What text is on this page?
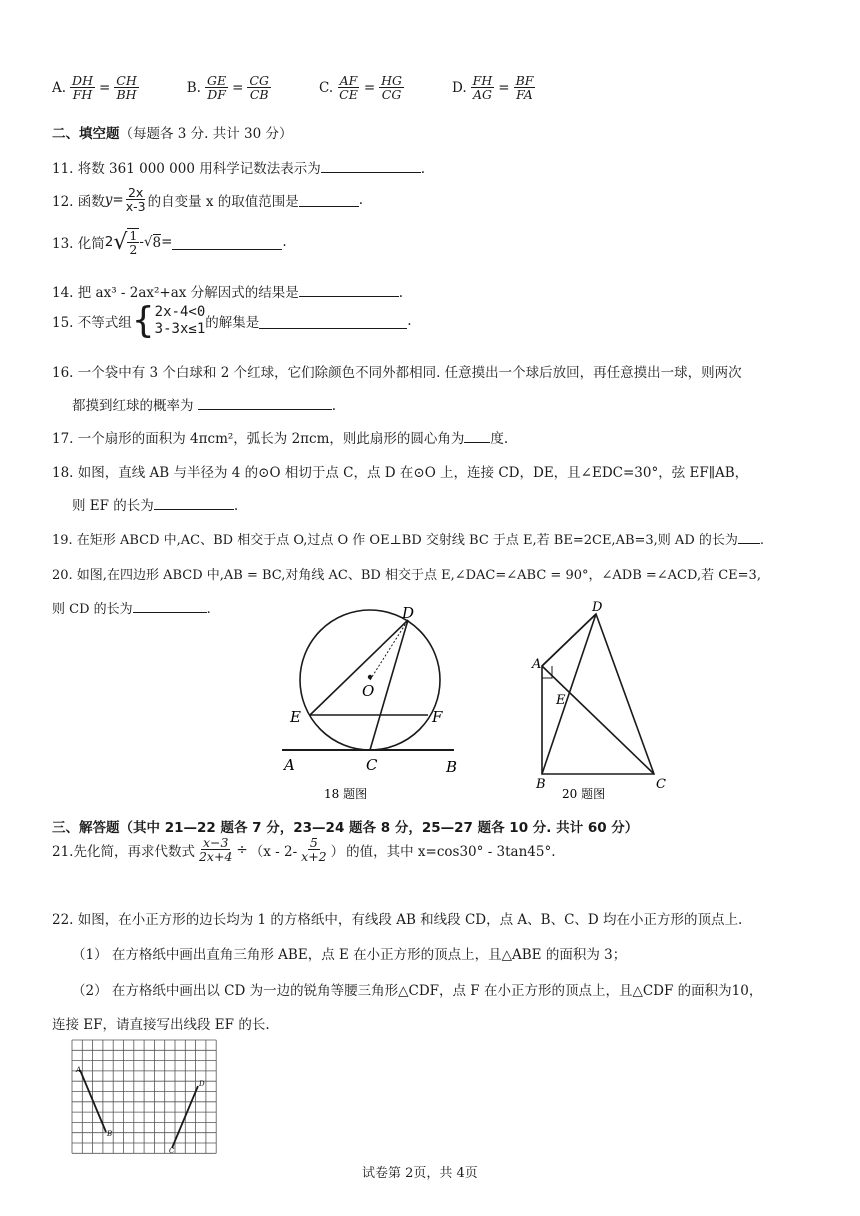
A. $\frac{DH}{FH} = \frac{CH}{BH}$	B. $\frac{GE}{DF} = \frac{CG}{CB}$	C. $\frac{AF}{CE} = \frac{HG}{CG}$	D. $\frac{FH}{AG} = \frac{BF}{FA}$
二、填空题（每题各 3 分. 共计 30 分）
11. 将数 361 000 000 用科学记数法表示为	.
12. 函数 $y= \frac{2x}{x-3}$ 的自变量 x 的取值范围是	.
13. 化简 2 √ $\frac{1}{2}$ - √ 8 =	.
14. 把 ax³ - 2ax²+ax 分解因式的结果是	.
15. 不等式组 { 2x-4<0
3-3x≤1 的解集是	.
16. 一个袋中有 3 个白球和 2 个红球，它们除颜色不同外都相同. 任意摸出一个球后放回，再任意摸出一球，则两次
都摸到红球的概率为	.
17. 一个扇形的面积为 4πcm²，弧长为 2πcm，则此扇形的圆心角为 度.
18. 如图，直线 AB 与半径为 4 的⊙O 相切于点 C，点 D 在⊙O 上，连接 CD，DE，且∠EDC=30°，弦 EF∥AB，
则 EF 的长为	.
19. 在矩形 ABCD 中,AC、BD 相交于点 O,过点 O 作 OE⊥BD 交射线 BC 于点 E,若 BE=2CE,AB=3,则 AD 的长为 .
20. 如图,在四边形 ABCD 中,AB = BC,对角线 AC、BD 相交于点 E,∠DAC=∠ABC = 90°，∠ADB =∠ACD,若 CE=3,
则 CD 的长为	.	D
O
E	F
A	C	B
18 题图
D
A
E
B	C
20 题图
三、解答题（其中 21—22 题各 7 分，23—24 题各 8 分，25—27 题各 10 分. 共计 60 分）
21.先化简，再求代数式 $\frac{x-3}{2x+4} \div (x - 2- \frac{5}{x+2}$ ） 的值，其中 x=cos30° - 3tan45°.
22. 如图，在小正方形的边长均为 1 的方格纸中，有线段 AB 和线段 CD，点 A、B、C、D 均在小正方形的顶点上.
（1） 在方格纸中画出直角三角形 ABE，点 E 在小正方形的顶点上，且△ABE 的面积为 3；
（2） 在方格纸中画出以 CD 为一边的锐角等腰三角形△CDF，点 F 在小正方形的顶点上，且△CDF 的面积为10，
连接 EF，请直接写出线段 EF 的长.
A
B
C
D
试卷第 2页，共 4页
